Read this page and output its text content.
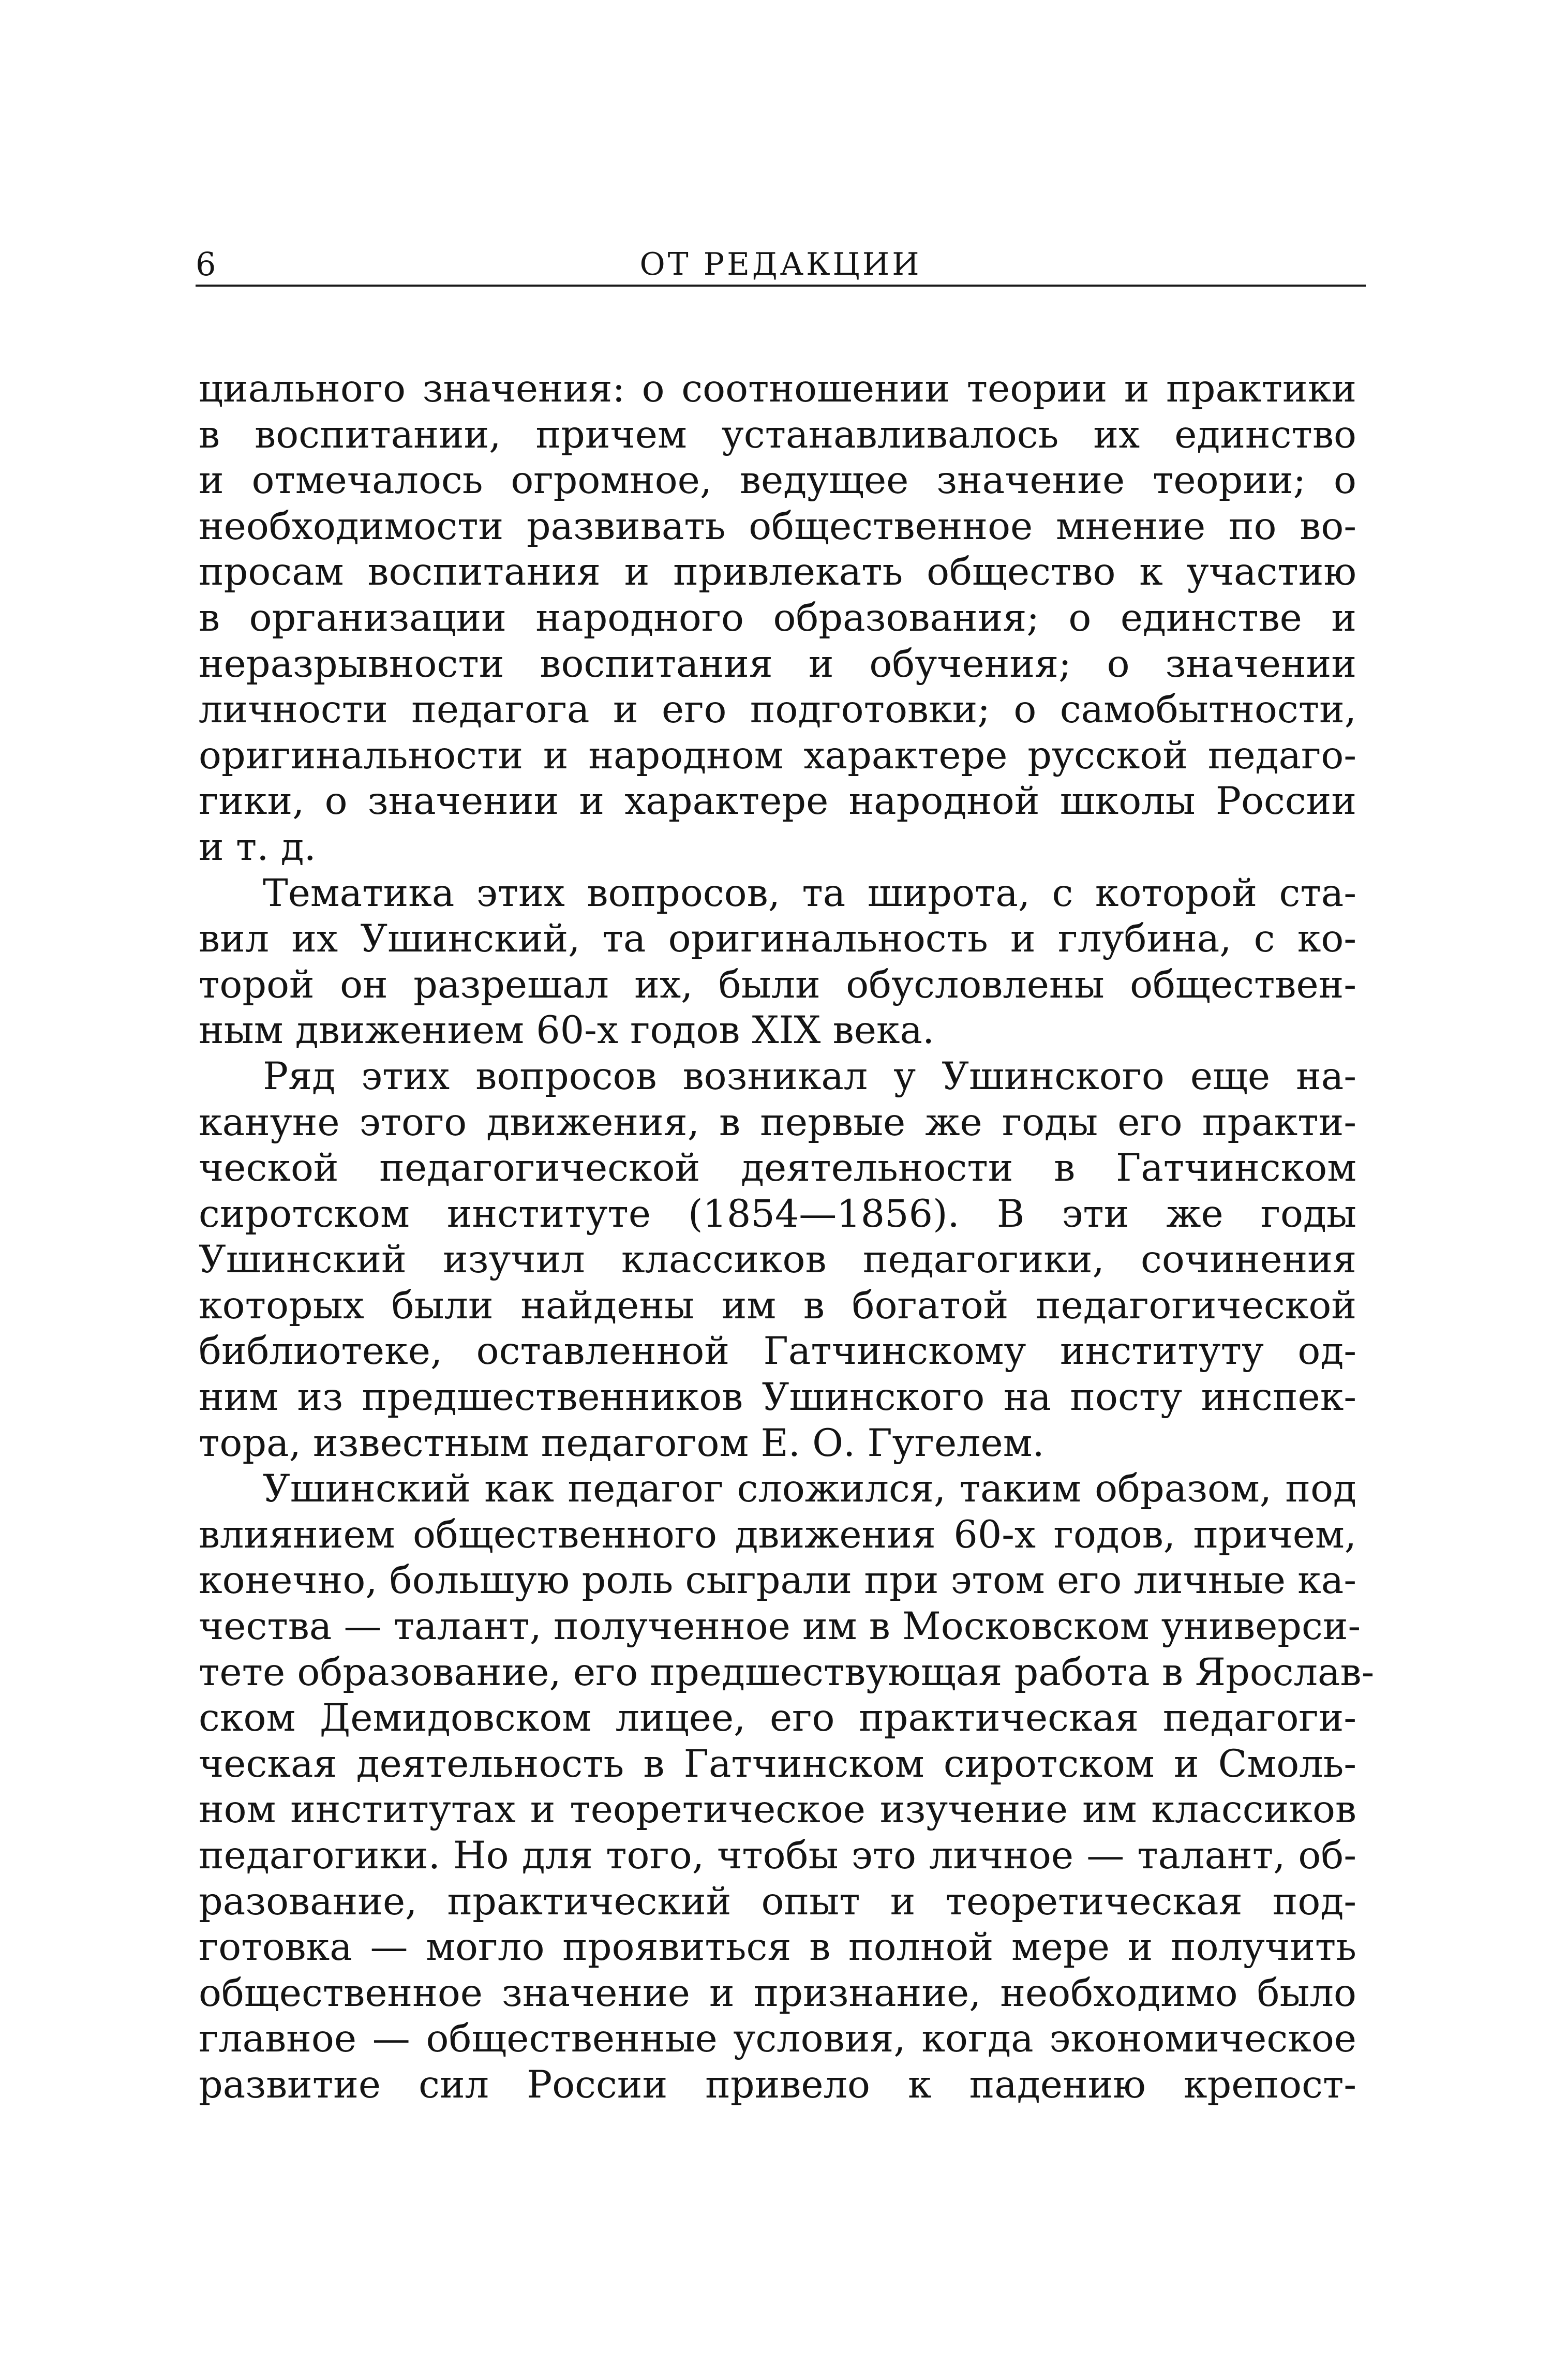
6	ОТ РЕДАКЦИИ
циального значения: о соотношении теории и практики
в воспитании, причем устанавливалось их единство
и отмечалось огромное, ведущее значение теории; о
необходимости развивать общественное мнение по во-
просам воспитания и привлекать общество к участию
в организации народного образования; о единстве и
неразрывности воспитания и обучения; о значении
личности педагога и его подготовки; о самобытности,
оригинальности и народном характере русской педаго-
гики, о значении и характере народной школы России
и т. д.
Тематика этих вопросов, та широта, с которой ста-
вил их Ушинский, та оригинальность и глубина, с ко-
торой он разрешал их, были обусловлены обществен-
ным движением 60-х годов XIX века.
Ряд этих вопросов возникал у Ушинского еще на-
кануне этого движения, в первые же годы его практи-
ческой педагогической деятельности в Гатчинском
сиротском институте (1854—1856). В эти же годы
Ушинский изучил классиков педагогики, сочинения
которых были найдены им в богатой педагогической
библиотеке, оставленной Гатчинскому институту од-
ним из предшественников Ушинского на посту инспек-
тора, известным педагогом Е. О. Гугелем.
Ушинский как педагог сложился, таким образом, под
влиянием общественного движения 60-х годов, причем,
конечно, большую роль сыграли при этом его личные ка-
чества — талант, полученное им в Московском универси-
тете образование, его предшествующая работа в Ярослав-
ском Демидовском лицее, его практическая педагоги-
ческая деятельность в Гатчинском сиротском и Смоль-
ном институтах и теоретическое изучение им классиков
педагогики. Но для того, чтобы это личное — талант, об-
разование, практический опыт и теоретическая под-
готовка — могло проявиться в полной мере и получить
общественное значение и признание, необходимо было
главное — общественные условия, когда экономическое
развитие сил России привело к падению крепост-
